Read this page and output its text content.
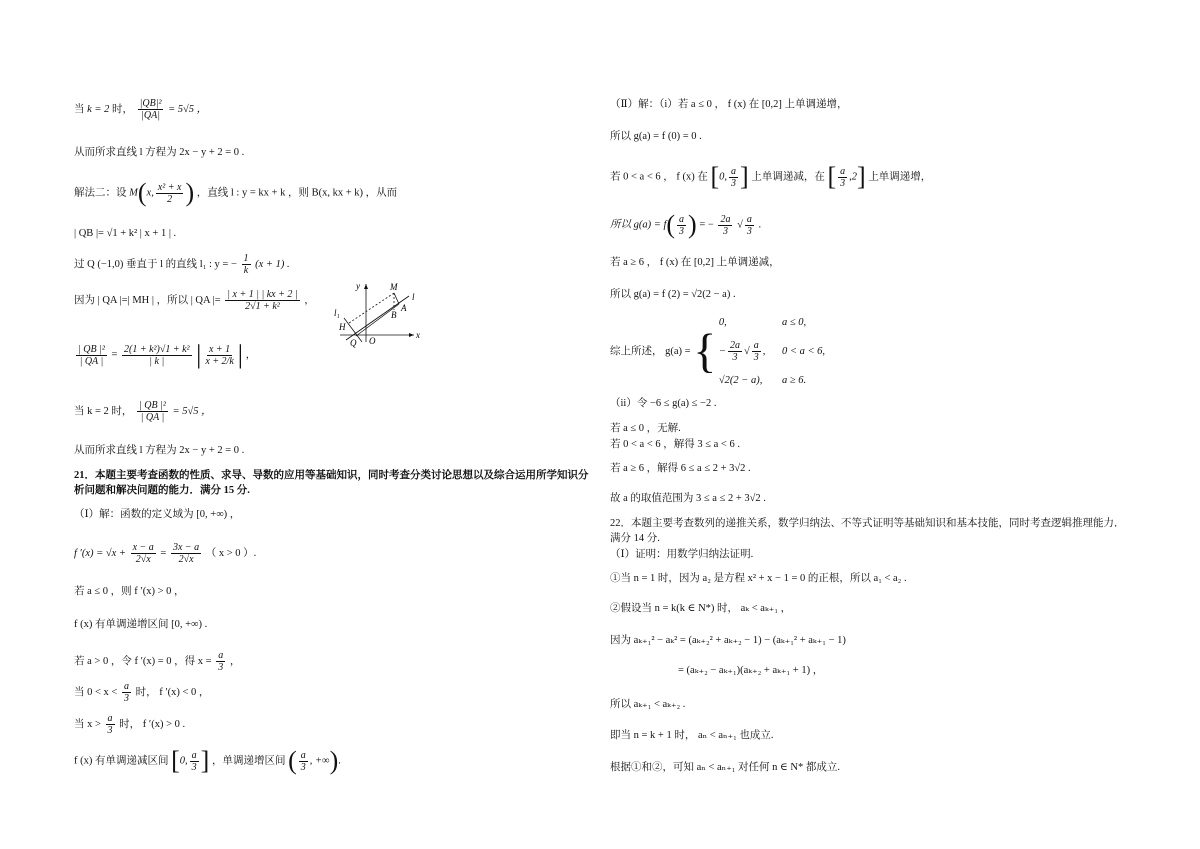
当 k = 2 时， $\frac{\text{|QB|²}}{|QA|} = 5√5$ ，
从而所求直线 l 方程为 2x − y + 2 = 0 .
解法二：设 M(x, $\frac{\text{x² + x}}{2}$ ) ，直线 l : y = kx + k ，则 B(x, kx + k) ，从而
| QB |= √1 + k² | x + 1 | .
过 Q (−1,0) 垂直于 l 的直线 l₁ : y = − $\frac{1}{k} (x + 1)$ .
因为 | QA |=| MH | ，所以 | QA |= $\frac{| x + 1 | | kx + 2 |}{\text{2√1 + k²}}$ ，
$\frac{\text{| QB |²}}{| QA |} = \frac{\text{2(1 + k²)√1 + k²}}{| k |}$ | $\frac{x + 1}{x + 2/k}$ | ，
当 k = 2 时， $\frac{\text{| QB |²}}{| QA |} = 5√5$ ，
从而所求直线 l 方程为 2x − y + 2 = 0 .
21．本题主要考查函数的性质、求导、导数的应用等基础知识，同时考查分类讨论思想以及综合运用所学知识分析问题和解决问题的能力．满分 15 分.
（Ⅰ）解：函数的定义域为 [0, +∞) ，
f $'(x) = √x + \frac{x - a}{2√x} = \frac{3x - a}{2√x}$ （ x > 0 ）.
若 a ≤ 0 ，则 f ′(x) > 0 ，
f (x) 有单调递增区间 [0, +∞) .
若 a > 0 ，令 f ′(x) = 0 ，得 $x = \frac{a}{3}$ ，
当 $0 < x < \frac{a}{3}$ 时， f ′(x) < 0 ，
当 $x > \frac{a}{3}$ 时， f ′(x) > 0 .
f (x) 有单调递减区间 [0, $\frac{a}{3}$ ] ，单调递增区间 ( $\frac{a}{3}$ , +∞).
y
x
M
l
l₁	A
B
H
Q O
（Ⅱ）解：（i）若 a ≤ 0 ， f (x) 在 [0,2] 上单调递增，
所以 g(a) = f (0) = 0 .
若 0 < a < 6 ， f (x) 在 [0, $\frac{a}{3}$ ] 上单调递减，在 [ $\frac{a}{3} ,2$] 上单调递增，
所以 $g(a) = f( \frac{a}{3}$ ) = − $\frac{2a}{3}$ √ $\frac{a}{3}$ .
若 a ≥ 6 ， f (x) 在 [0,2] 上单调递减，
所以 g(a) = f (2) = √2(2 − a) .
综上所述， g(a) = {
0,
− $\frac{2a}{3}$ √ $\frac{a}{3}$ ,
√2(2 − a),

a ≤ 0,
0 < a < 6,
a ≥ 6.
（ii）令 −6 ≤ g(a) ≤ −2 .
若 a ≤ 0 ，无解.
若 0 < a < 6 ，解得 3 ≤ a < 6 .
若 a ≥ 6 ，解得 6 ≤ a ≤ 2 + 3√2 .
故 a 的取值范围为 3 ≤ a ≤ 2 + 3√2 .
22．本题主要考查数列的递推关系，数学归纳法、不等式证明等基础知识和基本技能，同时考查逻辑推理能力．满分 14 分.
（Ⅰ）证明：用数学归纳法证明.
①当 n = 1 时，因为 a₂ 是方程 x² + x − 1 = 0 的正根，所以 a₁ < a₂ .
②假设当 n = k(k ∈ N*) 时， aₖ < aₖ₊₁ ，
因为 aₖ₊₁² − aₖ² = (aₖ₊₂² + aₖ₊₂ − 1) − (aₖ₊₁² + aₖ₊₁ − 1)
= (aₖ₊₂ − aₖ₊₁)(aₖ₊₂ + aₖ₊₁ + 1) ，
所以 aₖ₊₁ < aₖ₊₂ .
即当 n = k + 1 时， aₙ < aₙ₊₁ 也成立.
根据①和②，可知 aₙ < aₙ₊₁ 对任何 n ∈ N* 都成立.
